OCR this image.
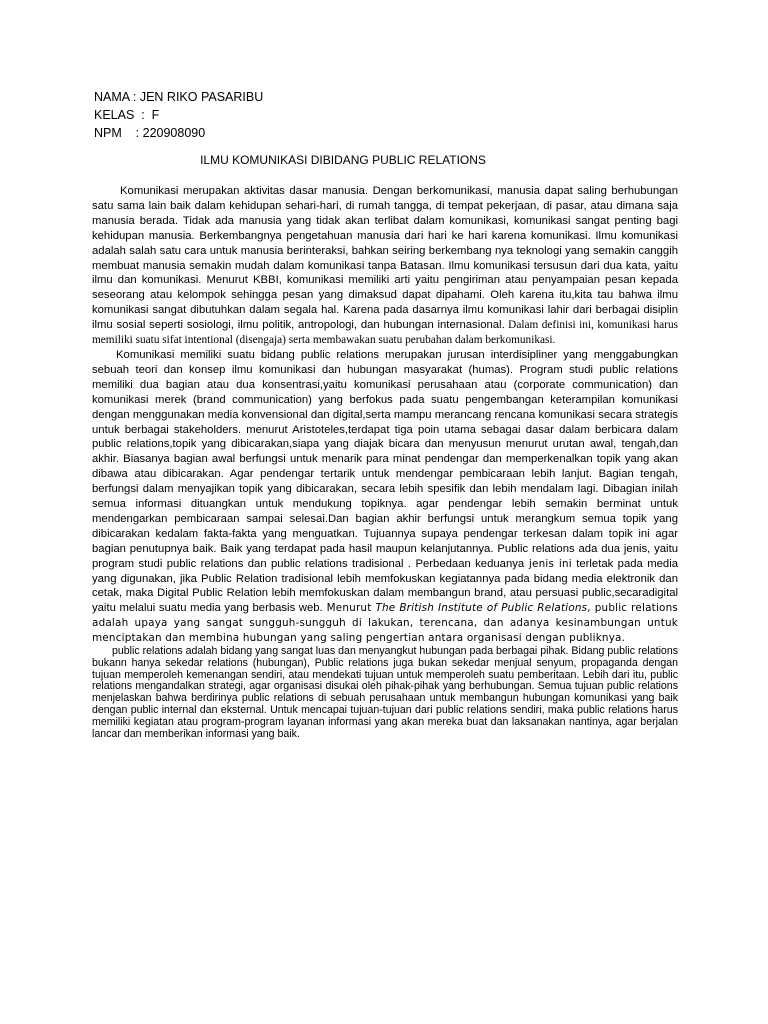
NAMA : JEN RIKO PASARIBU
KELAS  :  F
NPM    : 220908090
ILMU KOMUNIKASI DIBIDANG PUBLIC RELATIONS

Komunikasi merupakan aktivitas dasar manusia. Dengan berkomunikasi, manusia dapat saling berhubungan satu sama lain baik dalam kehidupan sehari-hari, di rumah tangga, di tempat pekerjaan, di pasar, atau dimana saja manusia berada. Tidak ada manusia yang tidak akan terlibat dalam komunikasi, komunikasi sangat penting bagi kehidupan manusia. Berkembangnya pengetahuan manusia dari hari ke hari karena komunikasi. Ilmu komunikasi adalah salah satu cara untuk manusia berinteraksi, bahkan seiring berkembang nya teknologi yang semakin canggih membuat manusia semakin mudah dalam komunikasi tanpa Batasan. Ilmu komunikasi tersusun dari dua kata, yaitu ilmu dan komunikasi. Menurut KBBI, komunikasi memiliki arti yaitu pengiriman atau penyampaian pesan kepada seseorang atau kelompok sehingga pesan yang dimaksud dapat dipahami. Oleh karena itu,kita tau bahwa ilmu komunikasi sangat dibutuhkan dalam segala hal. Karena pada dasarnya ilmu komunikasi lahir dari berbagai disiplin ilmu sosial seperti sosiologi, ilmu politik, antropologi, dan hubungan internasional. Dalam definisi ini, komunikasi harus memiliki suatu sifat intentional (disengaja) serta membawakan suatu perubahan dalam berkomunikasi.

Komunikasi memiliki suatu bidang public relations merupakan jurusan interdisipliner yang menggabungkan sebuah teori dan konsep ilmu komunikasi dan hubungan masyarakat (humas). Program studi public relations memiliki dua bagian atau dua konsentrasi,yaitu komunikasi perusahaan atau (corporate communication) dan komunikasi merek (brand communication) yang berfokus pada suatu pengembangan keterampilan komunikasi dengan menggunakan media konvensional dan digital,serta mampu merancang rencana komunikasi secara strategis untuk berbagai stakeholders. menurut Aristoteles,terdapat tiga poin utama sebagai dasar dalam berbicara dalam public relations,topik yang dibicarakan,siapa yang diajak bicara dan menyusun menurut urutan awal, tengah,dan akhir. Biasanya bagian awal berfungsi untuk menarik para minat pendengar dan memperkenalkan topik yang akan dibawa atau dibicarakan. Agar pendengar tertarik untuk mendengar pembicaraan lebih lanjut. Bagian tengah, berfungsi dalam menyajikan topik yang dibicarakan, secara lebih spesifik dan lebih mendalam lagi. Dibagian inilah semua informasi dituangkan untuk mendukung topiknya. agar pendengar lebih semakin berminat untuk mendengarkan pembicaraan sampai selesai.Dan bagian akhir berfungsi untuk merangkum semua topik yang dibicarakan kedalam fakta-fakta yang menguatkan. Tujuannya supaya pendengar terkesan dalam topik ini agar bagian penutupnya baik. Baik yang terdapat pada hasil maupun kelanjutannya. Public relations ada dua jenis, yaitu program studi public relations dan public relations tradisional . Perbedaan keduanya jenis ini terletak pada media yang digunakan, jika Public Relation tradisional lebih memfokuskan kegiatannya pada bidang media elektronik dan cetak, maka Digital Public Relation lebih memfokuskan dalam membangun brand, atau persuasi public,secaradigital yaitu melalui suatu media yang berbasis web. Menurut The British Institute of Public Relations, public relations adalah upaya yang sangat sungguh-sungguh di lakukan, terencana, dan adanya kesinambungan untuk menciptakan dan membina hubungan yang saling pengertian antara organisasi dengan publiknya.

public relations adalah bidang yang sangat luas dan menyangkut hubungan pada berbagai pihak. Bidang public relations bukann hanya sekedar relations (hubungan), Public relations juga bukan sekedar menjual senyum, propaganda dengan tujuan memperoleh kemenangan sendiri, atau mendekati tujuan untuk memperoleh suatu pemberitaan. Lebih dari itu, public relations mengandalkan strategi, agar organisasi disukai oleh pihak-pihak yang berhubungan. Semua tujuan public relations menjelaskan bahwa berdirinya public relations di sebuah perusahaan untuk membangun hubungan komunikasi yang baik dengan public internal dan eksternal. Untuk mencapai tujuan-tujuan dari public relations sendiri, maka public relations harus memiliki kegiatan atau program-program layanan informasi yang akan mereka buat dan laksanakan nantinya, agar berjalan lancar dan memberikan informasi yang baik.
